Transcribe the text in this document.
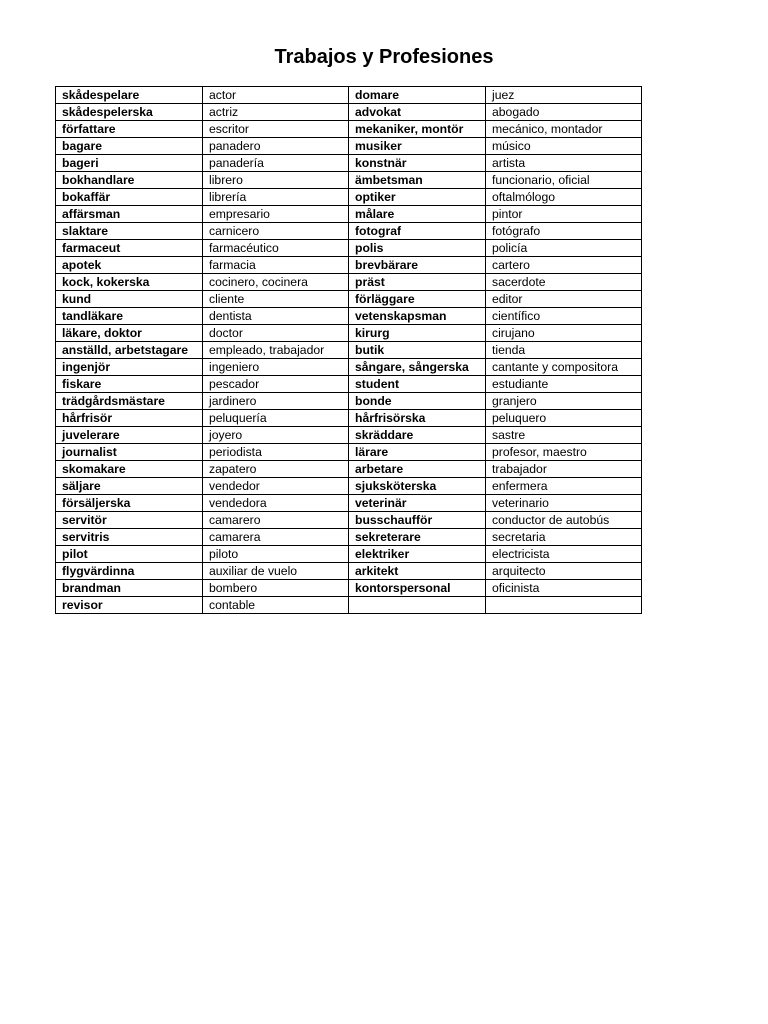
Trabajos y Profesiones
skådespelare	actor	domare	juez
skådespelerska	actriz	advokat	abogado
författare	escritor	mekaniker, montör	mecánico, montador
bagare	panadero	musiker	músico
bageri	panadería	konstnär	artista
bokhandlare	librero	ämbetsman	funcionario, oficial
bokaffär	librería	optiker	oftalmólogo
affärsman	empresario	målare	pintor
slaktare	carnicero	fotograf	fotógrafo
farmaceut	farmacéutico	polis	policía
apotek	farmacia	brevbärare	cartero
kock, kokerska	cocinero, cocinera	präst	sacerdote
kund	cliente	förläggare	editor
tandläkare	dentista	vetenskapsman	científico
läkare, doktor	doctor	kirurg	cirujano
anställd, arbetstagare	empleado, trabajador	butik	tienda
ingenjör	ingeniero	sångare, sångerska	cantante y compositora
fiskare	pescador	student	estudiante
trädgårdsmästare	jardinero	bonde	granjero
hårfrisör	peluquería	hårfrisörska	peluquero
juvelerare	joyero	skräddare	sastre
journalist	periodista	lärare	profesor, maestro
skomakare	zapatero	arbetare	trabajador
säljare	vendedor	sjuksköterska	enfermera
försäljerska	vendedora	veterinär	veterinario
servitör	camarero	busschaufför	conductor de autobús
servitris	camarera	sekreterare	secretaria
pilot	piloto	elektriker	electricista
flygvärdinna	auxiliar de vuelo	arkitekt	arquitecto
brandman	bombero	kontorspersonal	oficinista
revisor	contable		
